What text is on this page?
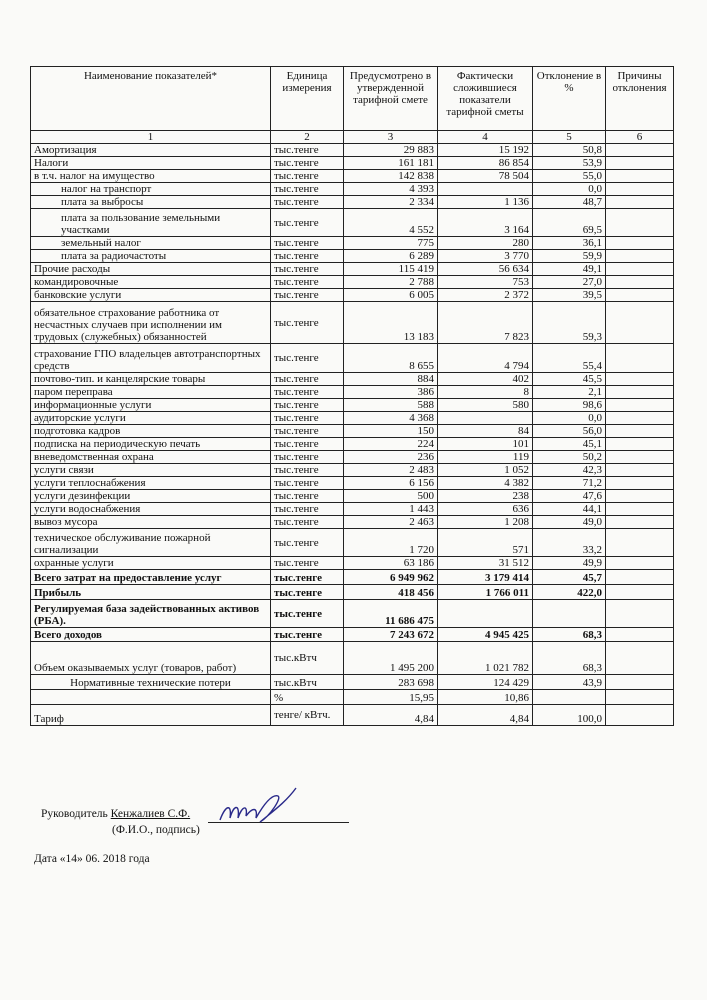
Наименование показателей*	Единица измерения	Предусмотрено в утвержденной тарифной смете	Фактически сложившиеся показатели тарифной сметы	Отклонение в %	Причины отклонения
1	2	3	4	5	6
Амортизация	тыс.тенге	29 883	15 192	50,8	
Налоги	тыс.тенге	161 181	86 854	53,9	
в т.ч. налог на имущество	тыс.тенге	142 838	78 504	55,0	
налог на транспорт	тыс.тенге	4 393		0,0	
плата за выбросы	тыс.тенге	2 334	1 136	48,7	
плата за пользование земельными участками	тыс.тенге	4 552	3 164	69,5	
земельный налог	тыс.тенге	775	280	36,1	
плата за радиочастоты	тыс.тенге	6 289	3 770	59,9	
Прочие расходы	тыс.тенге	115 419	56 634	49,1	
командировочные	тыс.тенге	2 788	753	27,0	
банковские услуги	тыс.тенге	6 005	2 372	39,5	
обязательное страхование работника от несчастных случаев при исполнении им трудовых (служебных) обязанностей	тыс.тенге	13 183	7 823	59,3	
страхование ГПО владельцев автотранспортных средств	тыс.тенге	8 655	4 794	55,4	
почтово-тип. и канцелярские товары	тыс.тенге	884	402	45,5	
паром переправа	тыс.тенге	386	8	2,1	
информационные услуги	тыс.тенге	588	580	98,6	
аудиторские услуги	тыс.тенге	4 368		0,0	
подготовка кадров	тыс.тенге	150	84	56,0	
подписка на периодическую печать	тыс.тенге	224	101	45,1	
вневедомственная охрана	тыс.тенге	236	119	50,2	
услуги связи	тыс.тенге	2 483	1 052	42,3	
услуги теплоснабжения	тыс.тенге	6 156	4 382	71,2	
услуги дезинфекции	тыс.тенге	500	238	47,6	
услуги водоснабжения	тыс.тенге	1 443	636	44,1	
вывоз мусора	тыс.тенге	2 463	1 208	49,0	
техническое обслуживание пожарной сигнализации	тыс.тенге	1 720	571	33,2	
охранные услуги	тыс.тенге	63 186	31 512	49,9	
Всего затрат на предоставление услуг	тыс.тенге	6 949 962	3 179 414	45,7	
Прибыль	тыс.тенге	418 456	1 766 011	422,0	
Регулируемая база задействованных активов (РБА).	тыс.тенге	11 686 475			
Всего доходов	тыс.тенге	7 243 672	4 945 425	68,3	
Объем оказываемых услуг (товаров, работ)	тыс.кВтч	1 495 200	1 021 782	68,3	
Нормативные технические потери	тыс.кВтч	283 698	124 429	43,9	
	%	15,95	10,86		
Тариф	тенге/ кВтч.	4,84	4,84	100,0	
Руководитель Кенжалиев С.Ф.
(Ф.И.О., подпись)
Дата «14» 06. 2018 года
